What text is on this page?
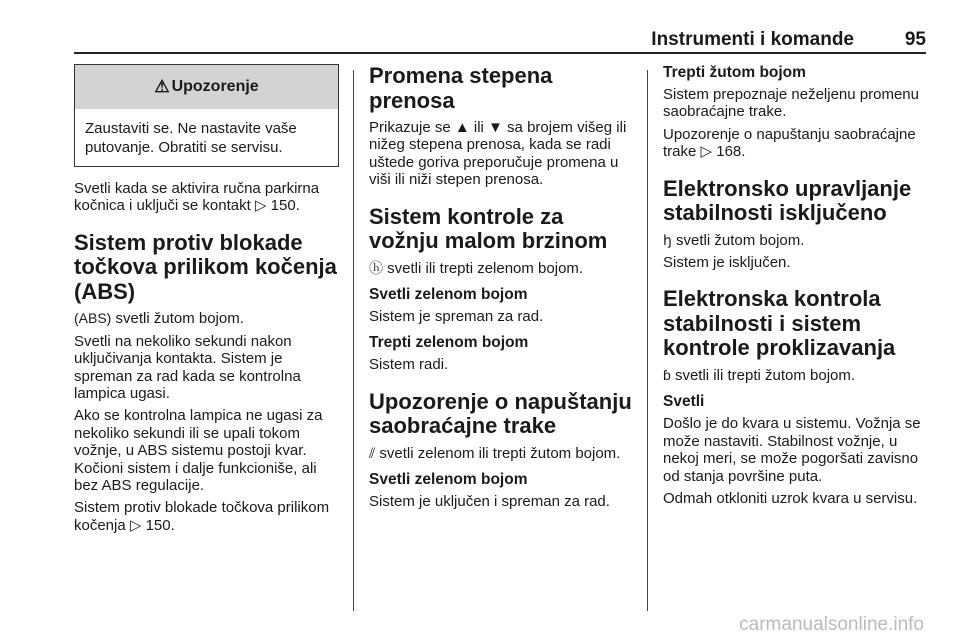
Instrumenti i komande	95
⚠ Upozorenje
Zaustaviti se. Ne nastavite vaše putovanje. Obratiti se servisu.

Svetli kada se aktivira ručna parkirna kočnica i uključi se kontakt ▷ 150.

Sistem protiv blokade točkova prilikom kočenja (ABS)

(ABS) svetli žutom bojom.

Svetli na nekoliko sekundi nakon uključivanja kontakta. Sistem je spreman za rad kada se kontrolna lampica ugasi.

Ako se kontrolna lampica ne ugasi za nekoliko sekundi ili se upali tokom vožnje, u ABS sistemu postoji kvar. Kočioni sistem i dalje funkcioniše, ali bez ABS regulacije.

Sistem protiv blokade točkova prilikom kočenja ▷ 150.

Promena stepena prenosa

Prikazuje se ▲ ili ▼ sa brojem višeg ili nižeg stepena prenosa, kada se radi uštede goriva preporučuje promena u viši ili niži stepen prenosa.

Sistem kontrole za vožnju malom brzinom

ⓗ svetli ili trepti zelenom bojom.

Svetli zelenom bojom

Sistem je spreman za rad.

Trepti zelenom bojom

Sistem radi.

Upozorenje o napuštanju saobraćajne trake

⫽ svetli zelenom ili trepti žutom bojom.

Svetli zelenom bojom

Sistem je uključen i spreman za rad.

Trepti žutom bojom

Sistem prepoznaje neželjenu promenu saobraćajne trake.

Upozorenje o napuštanju saobraćajne trake ▷ 168.

Elektronsko upravljanje stabilnosti isključeno

ꜧ svetli žutom bojom.

Sistem je isključen.

Elektronska kontrola stabilnosti i sistem kontrole proklizavanja

ɓ svetli ili trepti žutom bojom.

Svetli

Došlo je do kvara u sistemu. Vožnja se može nastaviti. Stabilnost vožnje, u nekoj meri, se može pogoršati zavisno od stanja površine puta.

Odmah otkloniti uzrok kvara u servisu.

carmanualsonline.info
